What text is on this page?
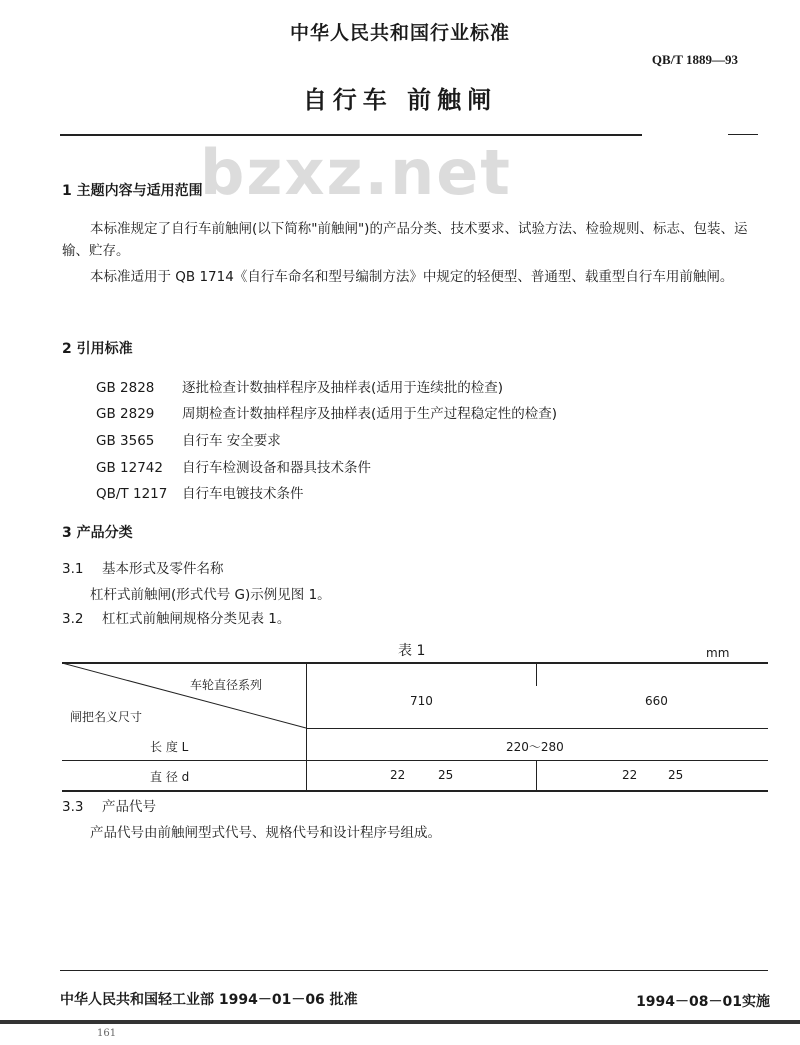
中华人民共和国行业标准
QB/T 1889—93
自行车 前触闸
bzxz.net
1 主题内容与适用范围
本标准规定了自行车前触闸(以下简称"前触闸")的产品分类、技术要求、试验方法、检验规则、标志、包装、运输、贮存。
本标准适用于 QB 1714《自行车命名和型号编制方法》中规定的轻便型、普通型、载重型自行车用前触闸。
2 引用标准
GB 2828 逐批检查计数抽样程序及抽样表(适用于连续批的检查)
GB 2829 周期检查计数抽样程序及抽样表(适用于生产过程稳定性的检查)
GB 3565 自行车 安全要求
GB 12742 自行车检测设备和器具技术条件
QB/T 1217 自行车电镀技术条件
3 产品分类
3.1 基本形式及零件名称
杠杆式前触闸(形式代号 G)示例见图 1。
3.2 杠杠式前触闸规格分类见表 1。
表 1	mm
车轮直径系列
闸把名义尺寸
710	660
长 度 L	220～280
直 径 d	22	25	22	25
3.3 产品代号
产品代号由前触闸型式代号、规格代号和设计程序号组成。
中华人民共和国轻工业部 1994－01－06 批准	1994－08－01实施
161
